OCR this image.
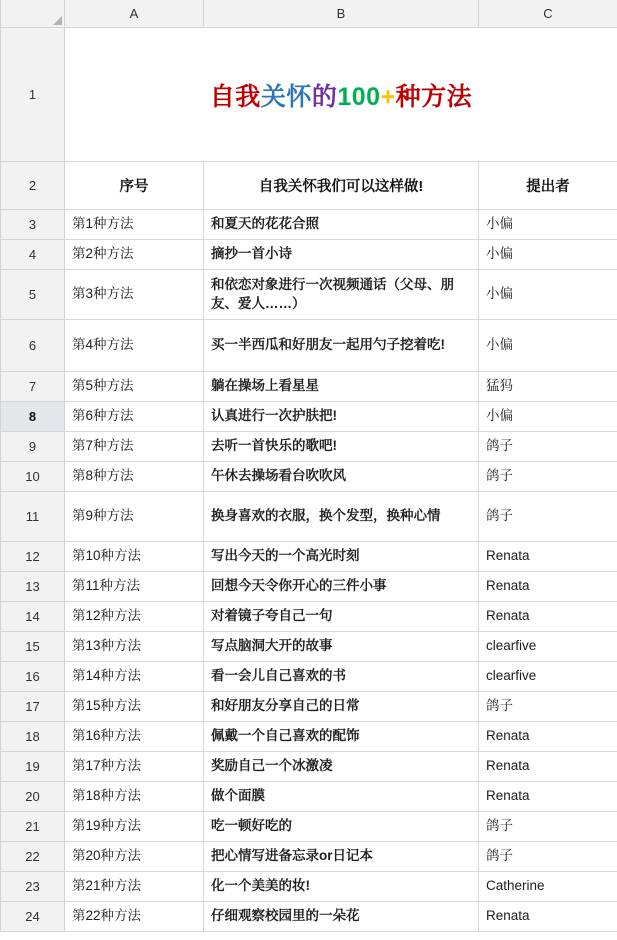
	A	B	C
1	自我关怀的100+种方法		

2	序号	自我关怀我们可以这样做!	提出者
3	第1种方法	和夏天的花花合照	小偏
4	第2种方法	摘抄一首小诗	小偏
5	第3种方法	和依恋对象进行一次视频通话（父母、朋友、爱人……）	小偏
6	第4种方法	买一半西瓜和好朋友一起用勺子挖着吃!	小偏
7	第5种方法	躺在操场上看星星	猛犸
8	第6种方法	认真进行一次护肤把!	小偏
9	第7种方法	去听一首快乐的歌吧!	鸽子
10	第8种方法	午休去操场看台吹吹风	鸽子
11	第9种方法	换身喜欢的衣服，换个发型，换种心情	鸽子
12	第10种方法	写出今天的一个高光时刻	Renata
13	第11种方法	回想今天令你开心的三件小事	Renata
14	第12种方法	对着镜子夸自己一句	Renata
15	第13种方法	写点脑洞大开的故事	clearfive
16	第14种方法	看一会儿自己喜欢的书	clearfive
17	第15种方法	和好朋友分享自己的日常	鸽子
18	第16种方法	佩戴一个自己喜欢的配饰	Renata
19	第17种方法	奖励自己一个冰激凌	Renata
20	第18种方法	做个面膜	Renata
21	第19种方法	吃一顿好吃的	鸽子
22	第20种方法	把心情写进备忘录or日记本	鸽子
23	第21种方法	化一个美美的妆!	Catherine
24	第22种方法	仔细观察校园里的一朵花	Renata
